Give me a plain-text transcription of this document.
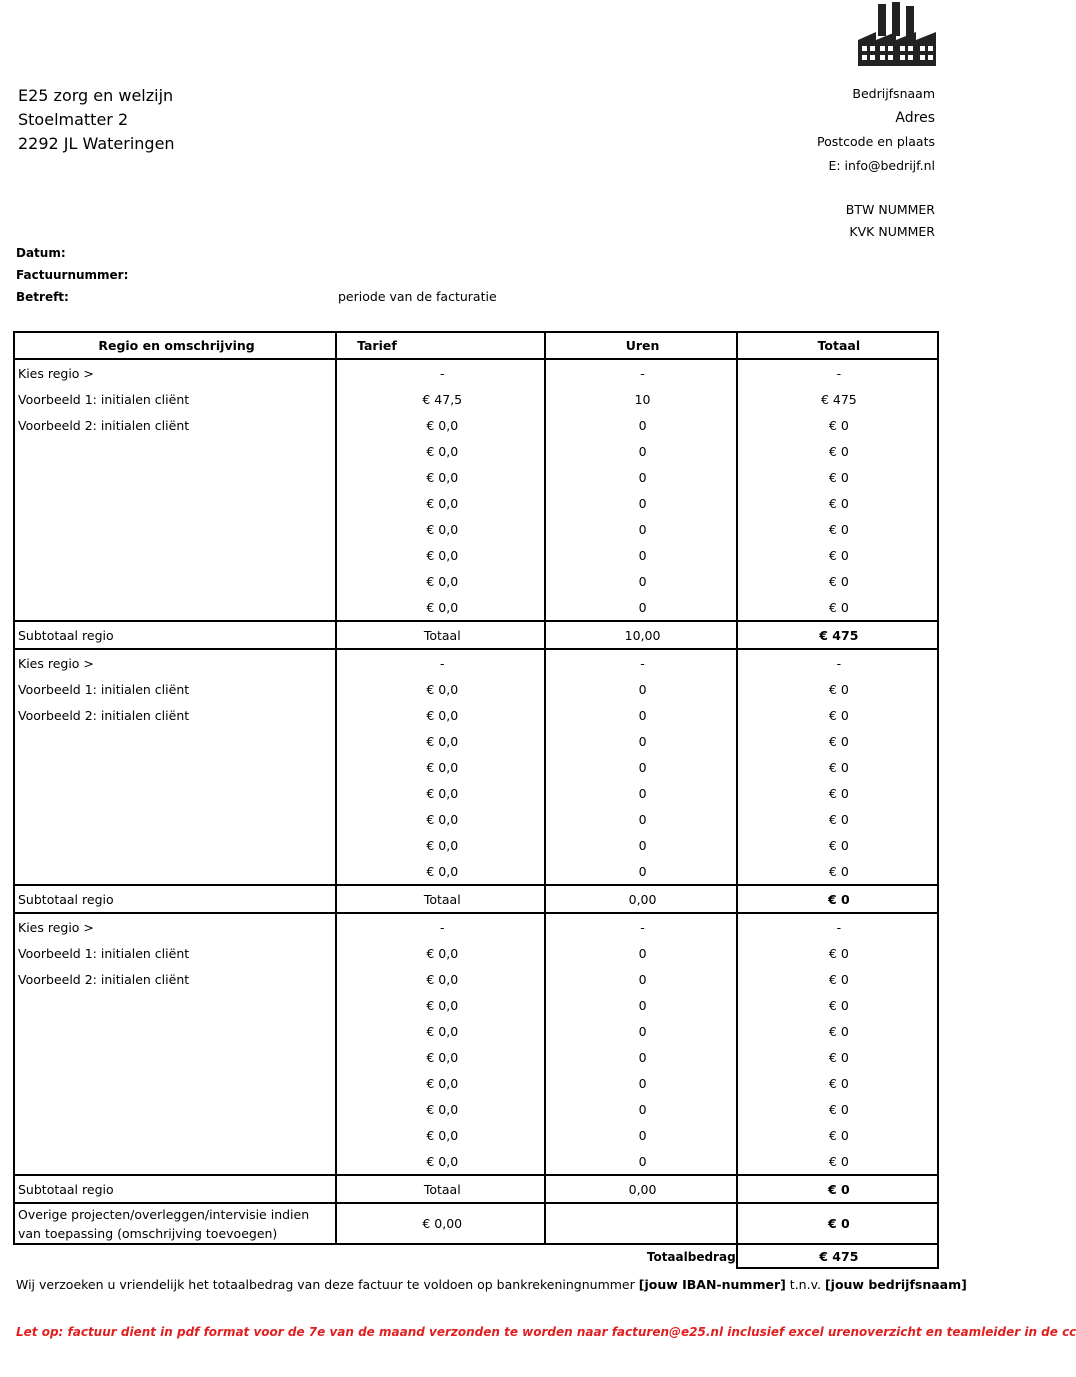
E25 zorg en welzijn
Stoelmatter 2
2292 JL Wateringen
Bedrijfsnaam
Adres
Postcode en plaats
E: info@bedrijf.nl
BTW NUMMER
KVK NUMMER
Datum:
Factuurnummer:
Betreft:	periode van de facturatie
Regio en omschrijving	Tarief	Uren	Totaal
Kies regio >	-	-	-
Voorbeeld 1: initialen cliënt	€ 47,5	10	€ 475
Voorbeeld 2: initialen cliënt	€ 0,0	0	€ 0
	€ 0,0	0	€ 0
	€ 0,0	0	€ 0
	€ 0,0	0	€ 0
	€ 0,0	0	€ 0
	€ 0,0	0	€ 0
	€ 0,0	0	€ 0
	€ 0,0	0	€ 0
Subtotaal regio	Totaal	10,00	€ 475
Kies regio >	-	-	-
Voorbeeld 1: initialen cliënt	€ 0,0	0	€ 0
Voorbeeld 2: initialen cliënt	€ 0,0	0	€ 0
	€ 0,0	0	€ 0
	€ 0,0	0	€ 0
	€ 0,0	0	€ 0
	€ 0,0	0	€ 0
	€ 0,0	0	€ 0
	€ 0,0	0	€ 0
Subtotaal regio	Totaal	0,00	€ 0
Kies regio >	-	-	-
Voorbeeld 1: initialen cliënt	€ 0,0	0	€ 0
Voorbeeld 2: initialen cliënt	€ 0,0	0	€ 0
	€ 0,0	0	€ 0
	€ 0,0	0	€ 0
	€ 0,0	0	€ 0
	€ 0,0	0	€ 0
	€ 0,0	0	€ 0
	€ 0,0	0	€ 0
	€ 0,0	0	€ 0
Subtotaal regio	Totaal	0,00	€ 0
Overige projecten/overleggen/intervisie indien van toepassing (omschrijving toevoegen)	€ 0,00		€ 0
		Totaalbedrag	€ 475
Wij verzoeken u vriendelijk het totaalbedrag van deze factuur te voldoen op bankrekeningnummer [jouw IBAN-nummer] t.n.v. [jouw bedrijfsnaam]
Let op: factuur dient in pdf format voor de 7e van de maand verzonden te worden naar facturen@e25.nl inclusief excel urenoverzicht en teamleider in de cc
